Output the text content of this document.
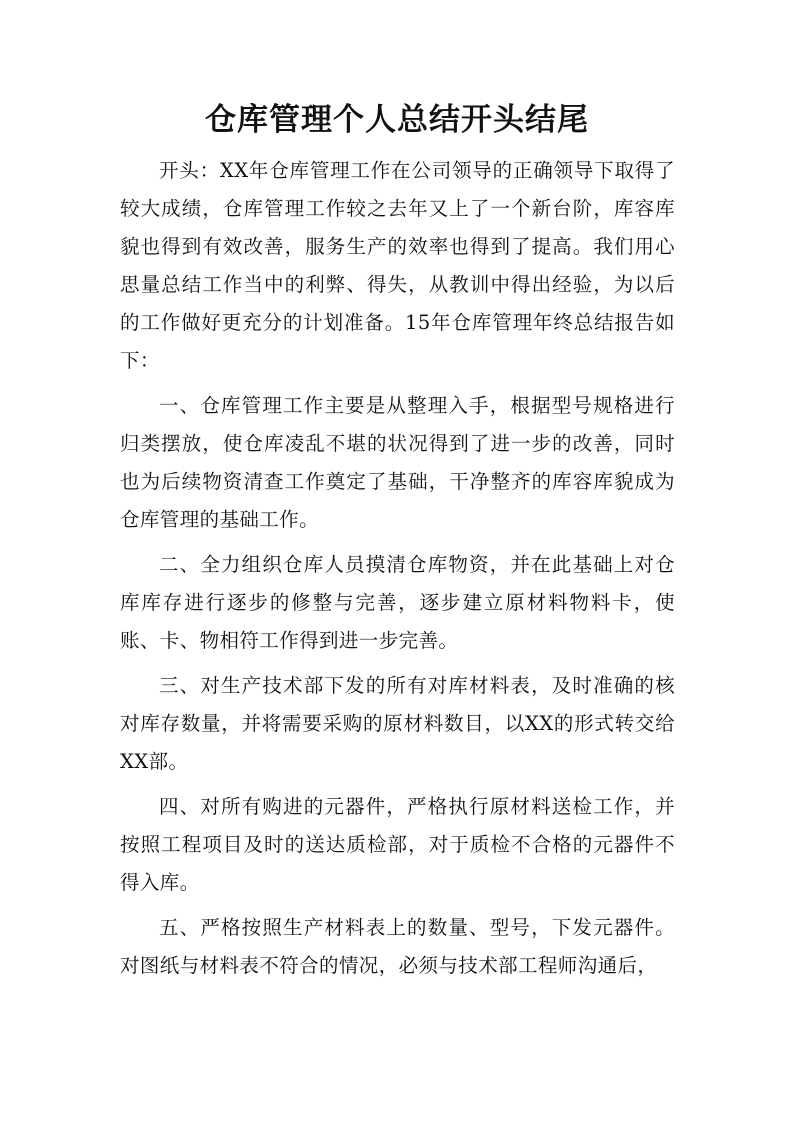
仓库管理个人总结开头结尾

开头：XX年仓库管理工作在公司领导的正确领导下取得了较大成绩，仓库管理工作较之去年又上了一个新台阶，库容库貌也得到有效改善，服务生产的效率也得到了提高。我们用心思量总结工作当中的利弊、得失，从教训中得出经验，为以后的工作做好更充分的计划准备。15年仓库管理年终总结报告如下：

一、仓库管理工作主要是从整理入手，根据型号规格进行归类摆放，使仓库凌乱不堪的状况得到了进一步的改善，同时也为后续物资清查工作奠定了基础，干净整齐的库容库貌成为仓库管理的基础工作。

二、全力组织仓库人员摸清仓库物资，并在此基础上对仓库库存进行逐步的修整与完善，逐步建立原材料物料卡，使账、卡、物相符工作得到进一步完善。

三、对生产技术部下发的所有对库材料表，及时准确的核对库存数量，并将需要采购的原材料数目，以XX的形式转交给XX部。

四、对所有购进的元器件，严格执行原材料送检工作，并按照工程项目及时的送达质检部，对于质检不合格的元器件不得入库。

五、严格按照生产材料表上的数量、型号，下发元器件。对图纸与材料表不符合的情况，必须与技术部工程师沟通后，
